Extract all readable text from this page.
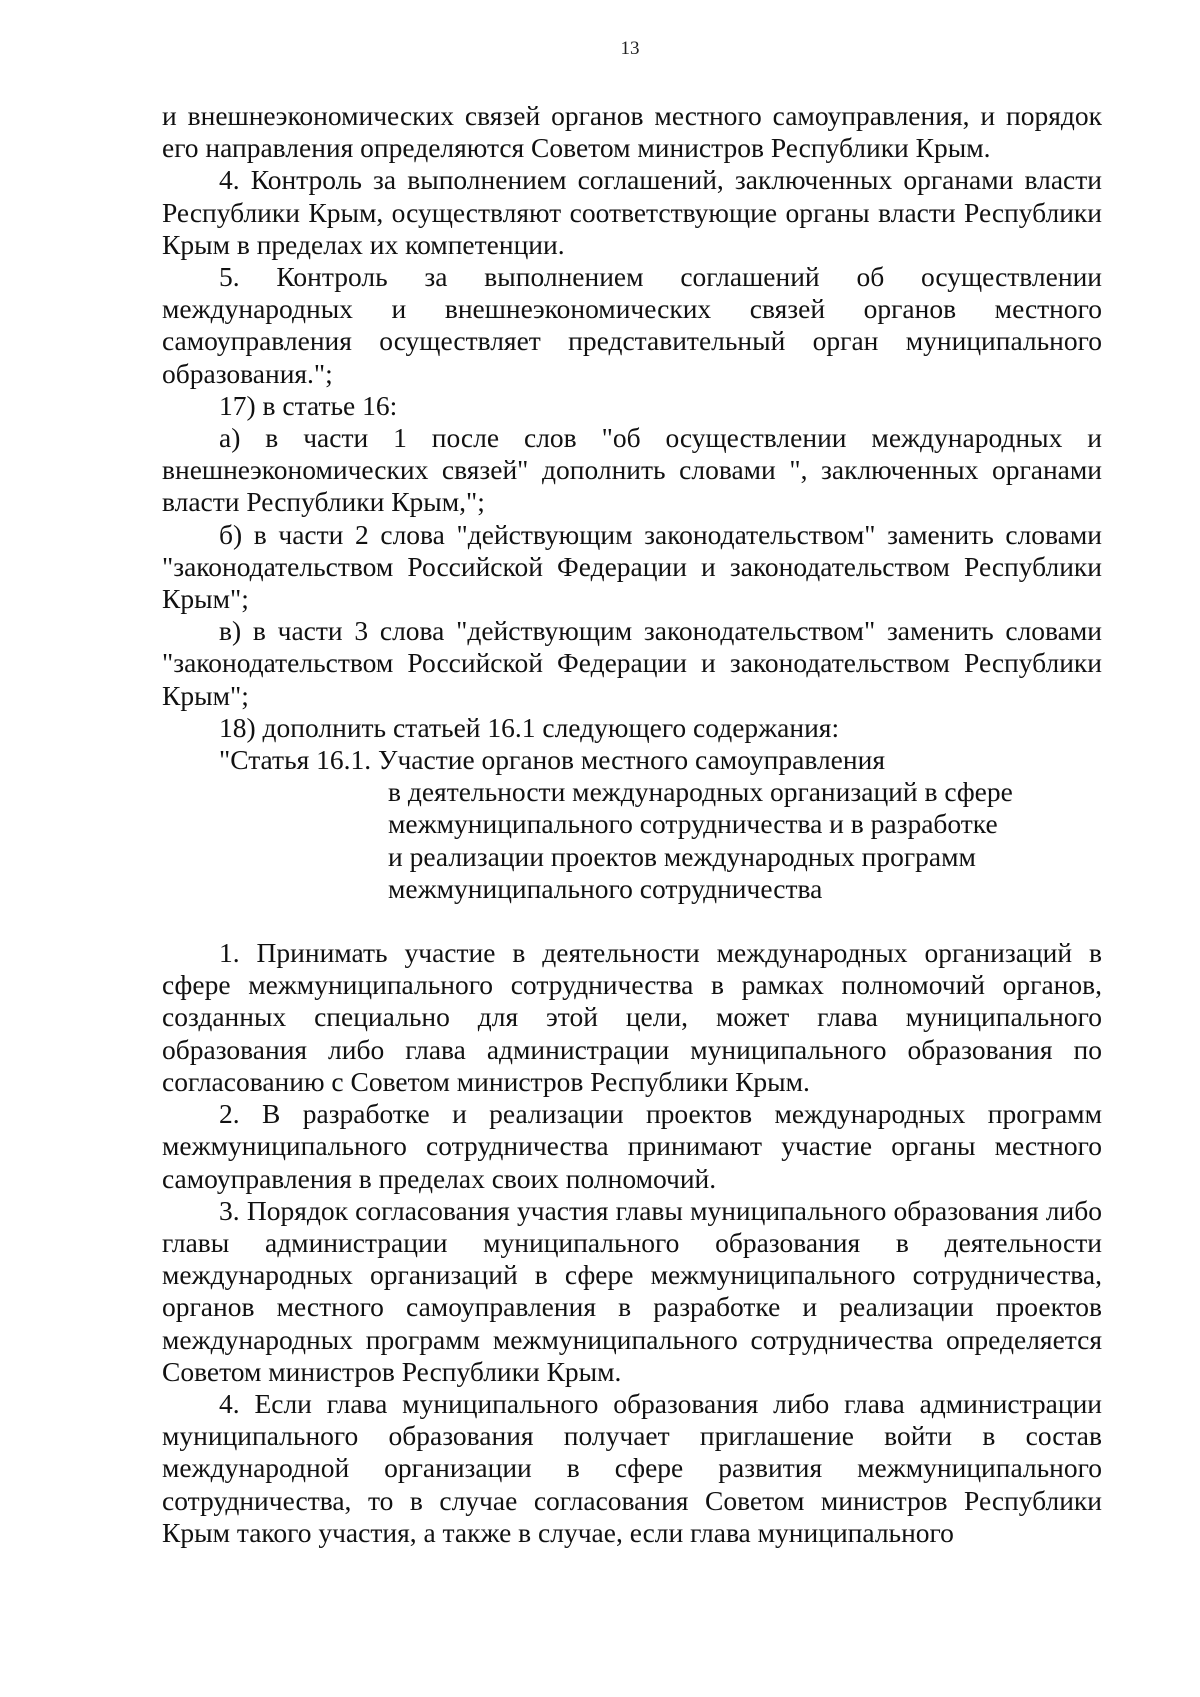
13

и внешнеэкономических связей органов местного самоуправления, и порядок его направления определяются Советом министров Республики Крым.

4. Контроль за выполнением соглашений, заключенных органами власти Республики Крым, осуществляют соответствующие органы власти Республики Крым в пределах их компетенции.

5. Контроль за выполнением соглашений об осуществлении международных и внешнеэкономических связей органов местного самоуправления осуществляет представительный орган муниципального образования.";

17) в статье 16:

а) в части 1 после слов "об осуществлении международных и внешнеэкономических связей" дополнить словами ", заключенных органами власти Республики Крым,";

б) в части 2 слова "действующим законодательством" заменить словами "законодательством Российской Федерации и законодательством Республики Крым";

в) в части 3 слова "действующим законодательством" заменить словами "законодательством Российской Федерации и законодательством Республики Крым";

18) дополнить статьей 16.1 следующего содержания:

"Статья 16.1. Участие органов местного самоуправления
в деятельности международных организаций в сфере
межмуниципального сотрудничества и в разработке
и реализации проектов международных программ
межмуниципального сотрудничества

1. Принимать участие в деятельности международных организаций в сфере межмуниципального сотрудничества в рамках полномочий органов, созданных специально для этой цели, может глава муниципального образования либо глава администрации муниципального образования по согласованию с Советом министров Республики Крым.

2. В разработке и реализации проектов международных программ межмуниципального сотрудничества принимают участие органы местного самоуправления в пределах своих полномочий.

3. Порядок согласования участия главы муниципального образования либо главы администрации муниципального образования в деятельности международных организаций в сфере межмуниципального сотрудничества, органов местного самоуправления в разработке и реализации проектов международных программ межмуниципального сотрудничества определяется Советом министров Республики Крым.

4. Если глава муниципального образования либо глава администрации муниципального образования получает приглашение войти в состав международной организации в сфере развития межмуниципального сотрудничества, то в случае согласования Советом министров Республики Крым такого участия, а также в случае, если глава муниципального
